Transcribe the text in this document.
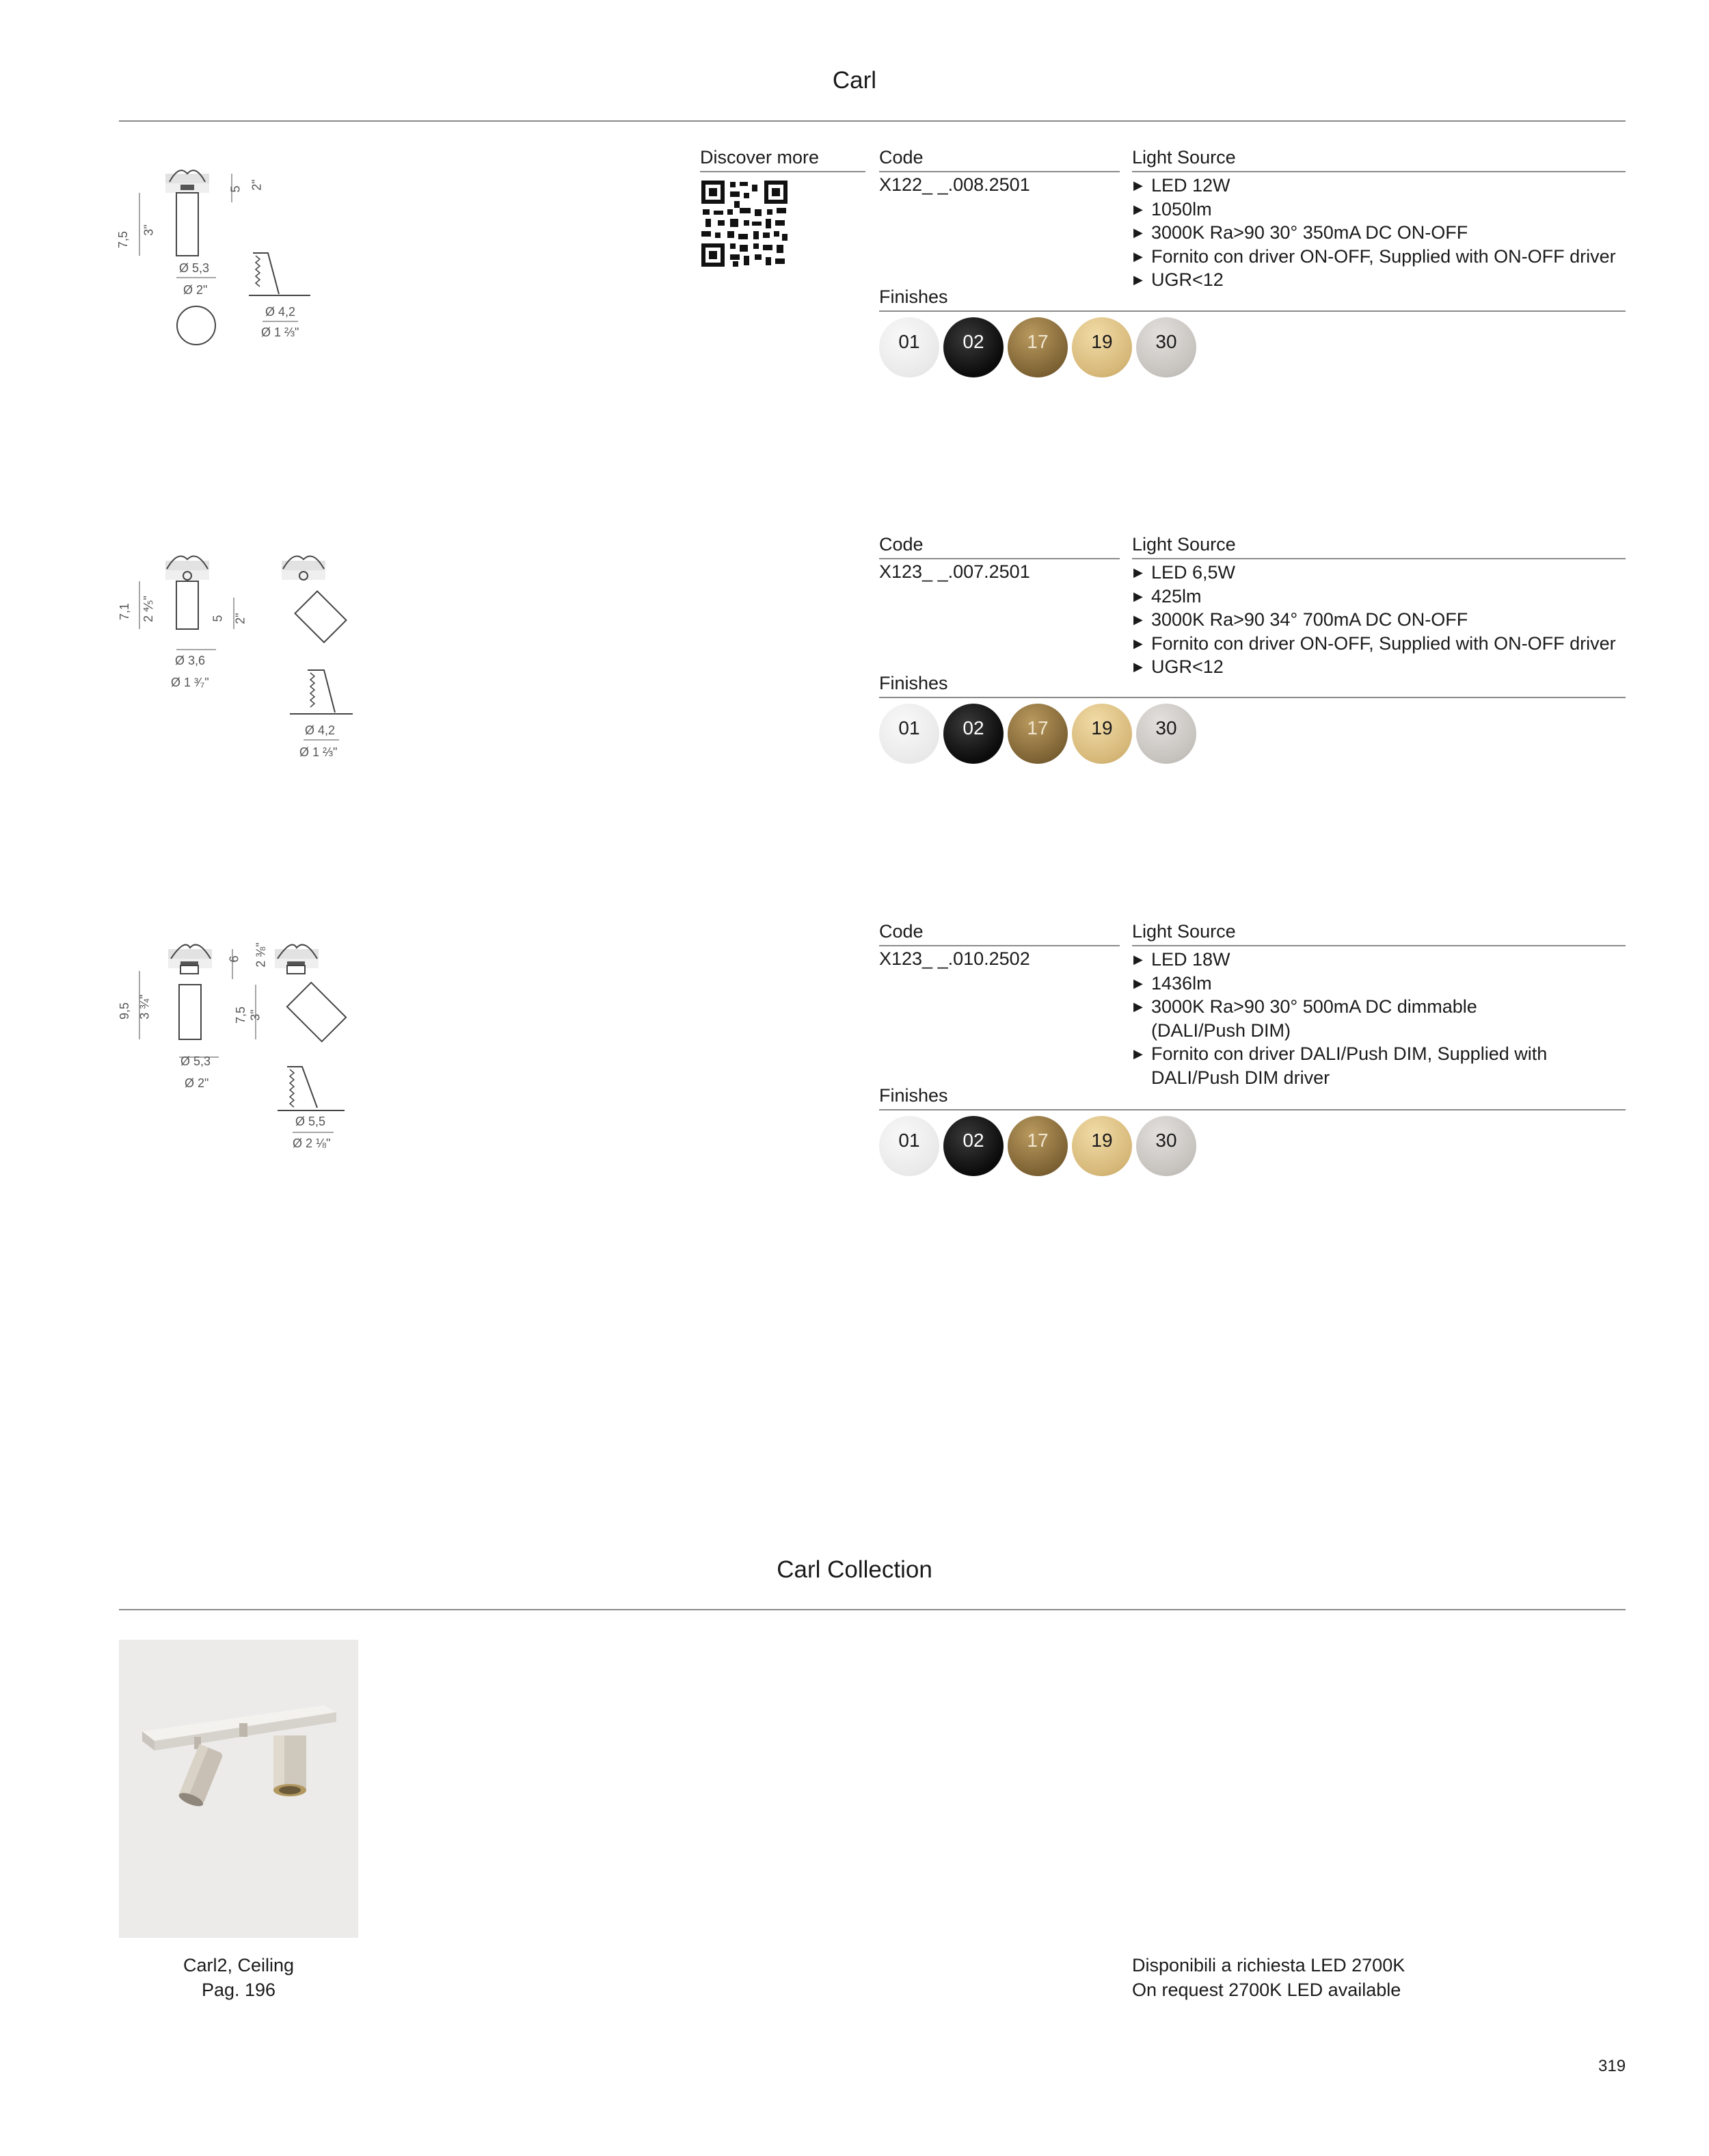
Carl
7,5
3"
5 2"
Ø 5,3
Ø 2"
Ø 4,2
Ø 1 ⅔"
Discover more	Code
X122_ _.008.2501
Light Source
▶ LED 12W
▶ 1050lm
▶ 3000K Ra>90 30° 350mA DC ON-OFF
▶ Fornito con driver ON-OFF, Supplied with ON-OFF driver
▶ UGR<12
Finishes
01	02	17	19	30
7,1 2 ⅘"	5 2"
Ø 3,6
Ø 1 ³⁄₇"
Ø 4,2
Ø 1 ⅔"
Code
X123_ _.007.2501
Light Source
▶ LED 6,5W
▶ 425lm
▶ 3000K Ra>90 34° 700mA DC ON-OFF
▶ Fornito con driver ON-OFF, Supplied with ON-OFF driver
▶ UGR<12
Finishes
01	02	17	19	30
9,5 3 ¾"
6 2 ⅜"
7,5 3"
Ø 5,3
Ø 2"
Ø 5,5
Ø 2 ⅛"
Code
X123_ _.010.2502
Light Source
▶ LED 18W
▶ 1436lm
▶ 3000K Ra>90 30° 500mA DC dimmable (DALI/Push DIM)
▶ Fornito con driver DALI/Push DIM, Supplied with DALI/Push DIM driver
Finishes
01	02	17	19	30
Carl Collection
Carl2, Ceiling
Pag. 196
Disponibili a richiesta LED 2700K
On request 2700K LED available
319
